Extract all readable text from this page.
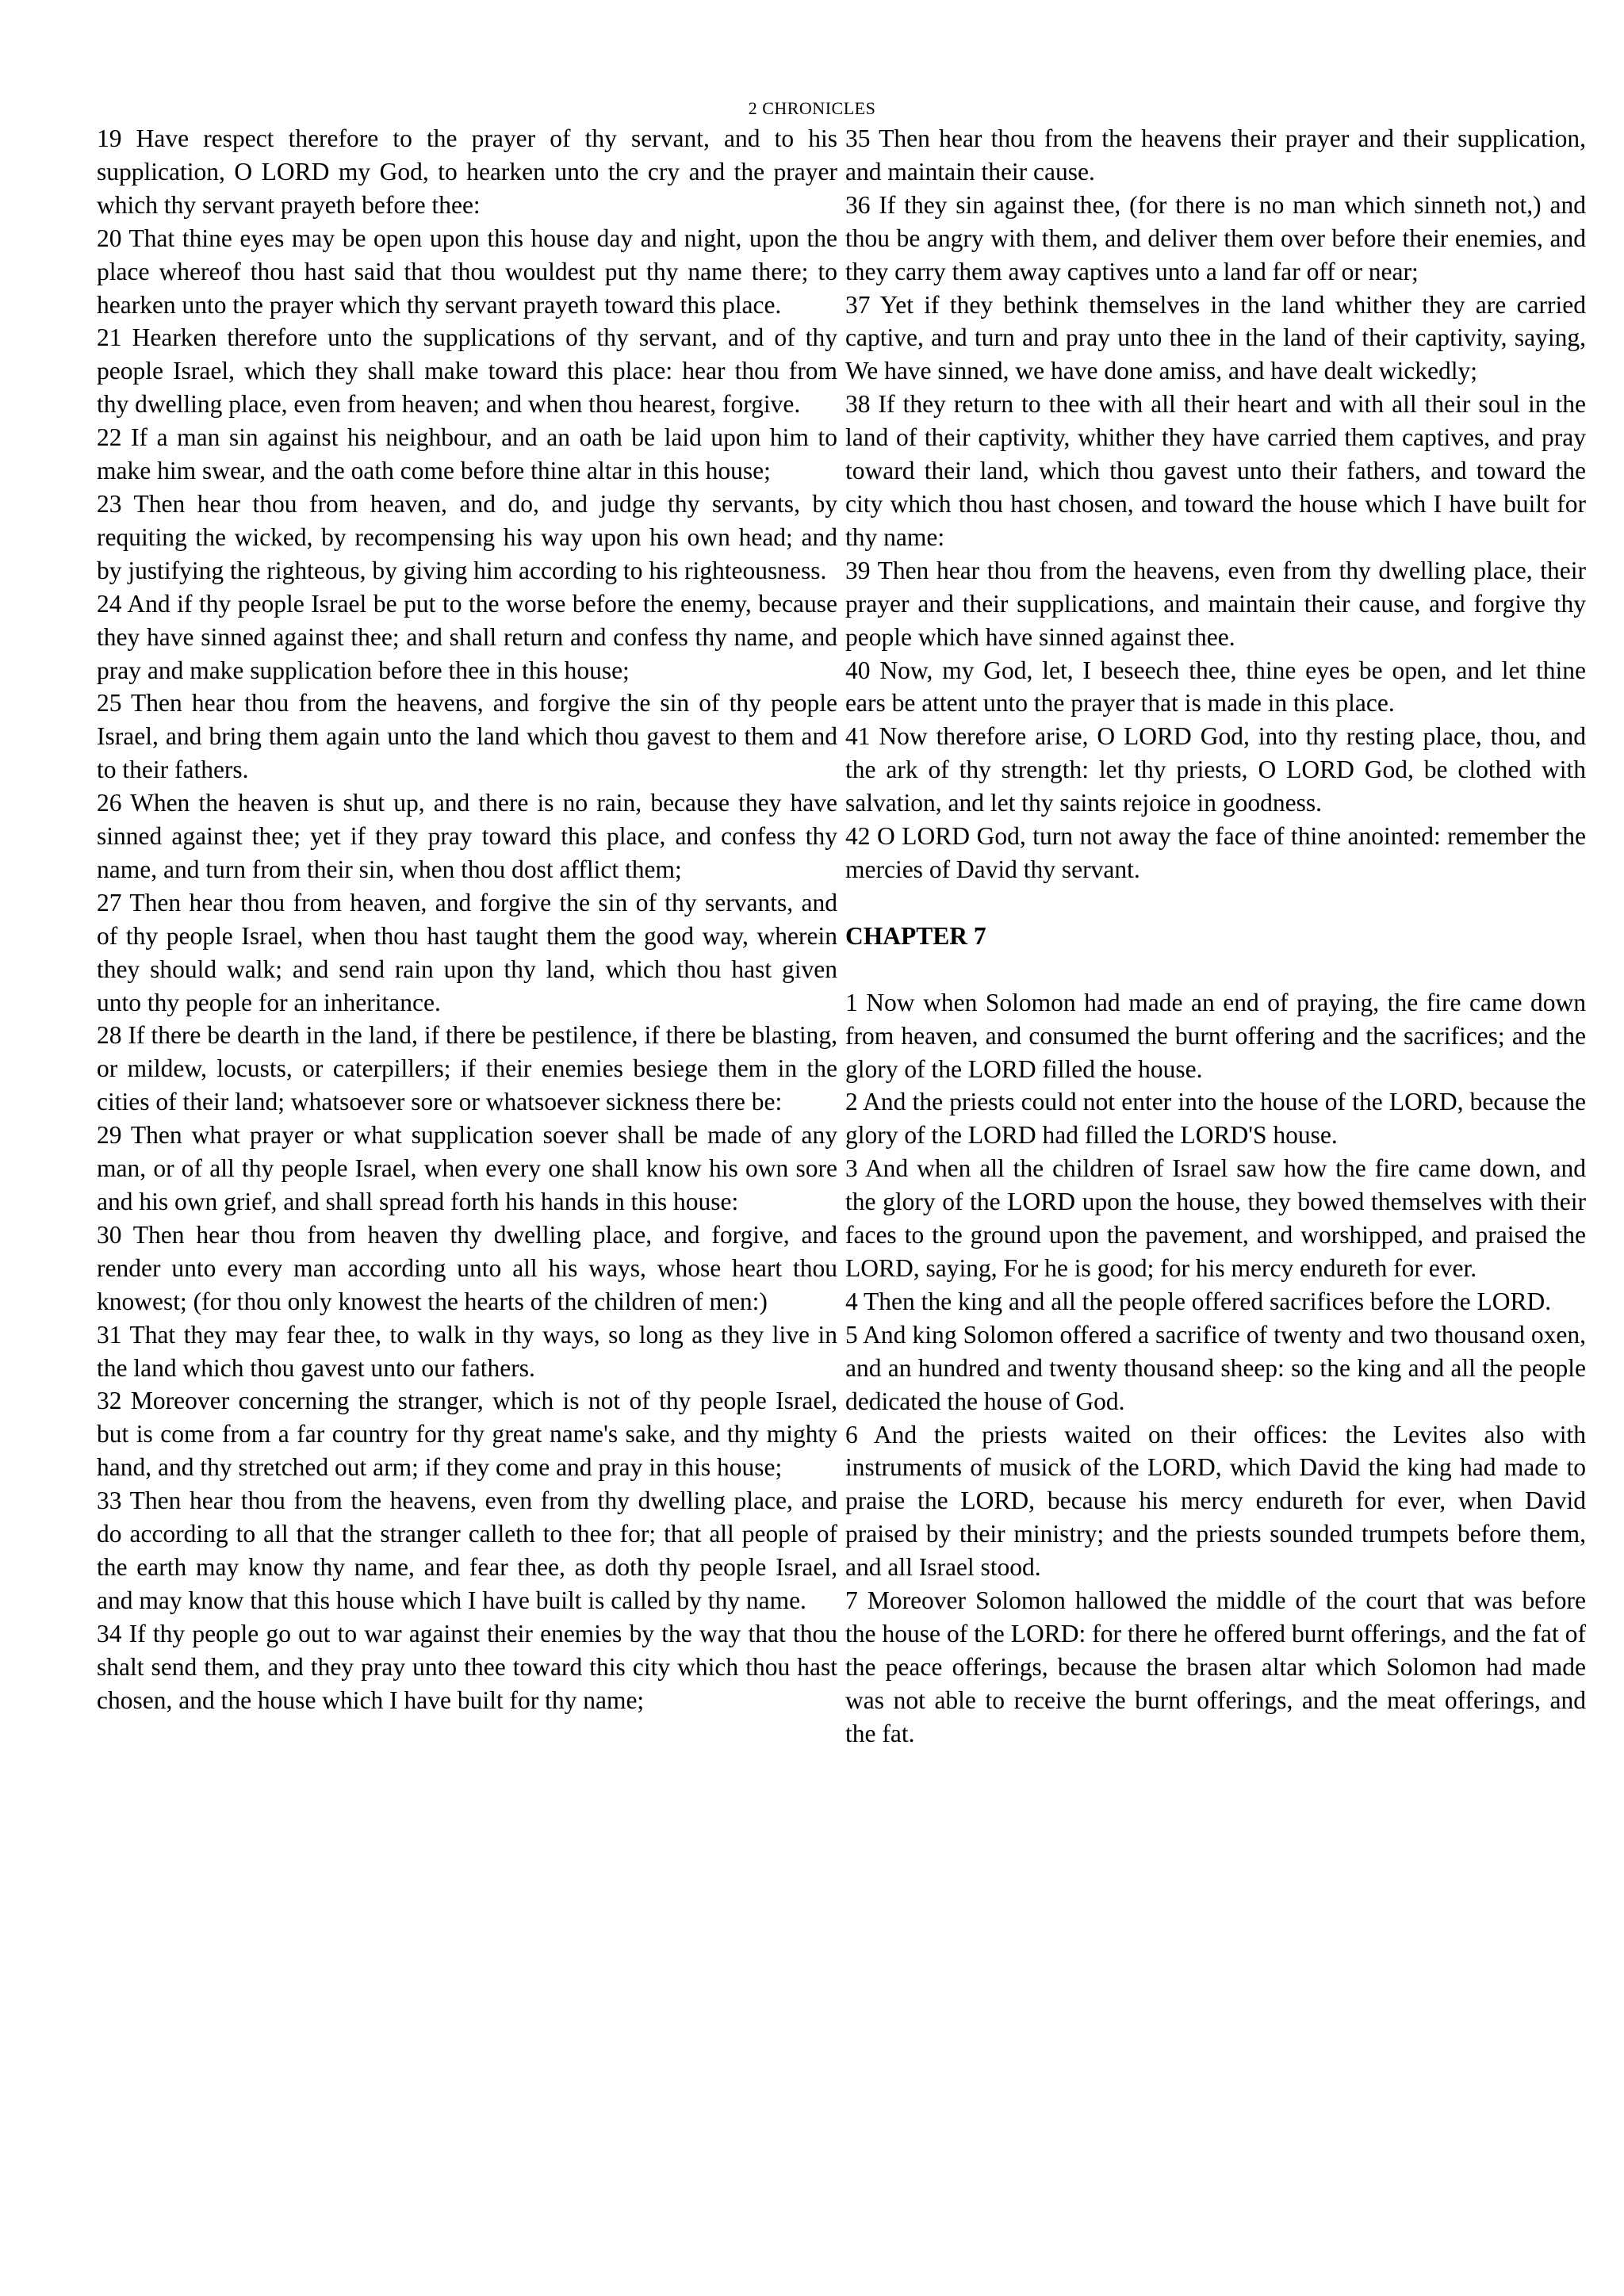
2 CHRONICLES

19 Have respect therefore to the prayer of thy servant, and to his supplication, O LORD my God, to hearken unto the cry and the prayer which thy servant prayeth before thee:

20 That thine eyes may be open upon this house day and night, upon the place whereof thou hast said that thou wouldest put thy name there; to hearken unto the prayer which thy servant prayeth toward this place.

21 Hearken therefore unto the supplications of thy servant, and of thy people Israel, which they shall make toward this place: hear thou from thy dwelling place, even from heaven; and when thou hearest, forgive.

22 If a man sin against his neighbour, and an oath be laid upon him to make him swear, and the oath come before thine altar in this house;

23 Then hear thou from heaven, and do, and judge thy servants, by requiting the wicked, by recompensing his way upon his own head; and by justifying the righteous, by giving him according to his righteousness.

24 And if thy people Israel be put to the worse before the enemy, because they have sinned against thee; and shall return and confess thy name, and pray and make supplication before thee in this house;

25 Then hear thou from the heavens, and forgive the sin of thy people Israel, and bring them again unto the land which thou gavest to them and to their fathers.

26 When the heaven is shut up, and there is no rain, because they have sinned against thee; yet if they pray toward this place, and confess thy name, and turn from their sin, when thou dost afflict them;

27 Then hear thou from heaven, and forgive the sin of thy servants, and of thy people Israel, when thou hast taught them the good way, wherein they should walk; and send rain upon thy land, which thou hast given unto thy people for an inheritance.

28 If there be dearth in the land, if there be pestilence, if there be blasting, or mildew, locusts, or caterpillers; if their enemies besiege them in the cities of their land; whatsoever sore or whatsoever sickness there be:

29 Then what prayer or what supplication soever shall be made of any man, or of all thy people Israel, when every one shall know his own sore and his own grief, and shall spread forth his hands in this house:

30 Then hear thou from heaven thy dwelling place, and forgive, and render unto every man according unto all his ways, whose heart thou knowest; (for thou only knowest the hearts of the children of men:)

31 That they may fear thee, to walk in thy ways, so long as they live in the land which thou gavest unto our fathers.

32 Moreover concerning the stranger, which is not of thy people Israel, but is come from a far country for thy great name's sake, and thy mighty hand, and thy stretched out arm; if they come and pray in this house;

33 Then hear thou from the heavens, even from thy dwelling place, and do according to all that the stranger calleth to thee for; that all people of the earth may know thy name, and fear thee, as doth thy people Israel, and may know that this house which I have built is called by thy name.

34 If thy people go out to war against their enemies by the way that thou shalt send them, and they pray unto thee toward this city which thou hast chosen, and the house which I have built for thy name;

35 Then hear thou from the heavens their prayer and their supplication, and maintain their cause.

36 If they sin against thee, (for there is no man which sinneth not,) and thou be angry with them, and deliver them over before their enemies, and they carry them away captives unto a land far off or near;

37 Yet if they bethink themselves in the land whither they are carried captive, and turn and pray unto thee in the land of their captivity, saying, We have sinned, we have done amiss, and have dealt wickedly;

38 If they return to thee with all their heart and with all their soul in the land of their captivity, whither they have carried them captives, and pray toward their land, which thou gavest unto their fathers, and toward the city which thou hast chosen, and toward the house which I have built for thy name:

39 Then hear thou from the heavens, even from thy dwelling place, their prayer and their supplications, and maintain their cause, and forgive thy people which have sinned against thee.

40 Now, my God, let, I beseech thee, thine eyes be open, and let thine ears be attent unto the prayer that is made in this place.

41 Now therefore arise, O LORD God, into thy resting place, thou, and the ark of thy strength: let thy priests, O LORD God, be clothed with salvation, and let thy saints rejoice in goodness.

42 O LORD God, turn not away the face of thine anointed: remember the mercies of David thy servant.

CHAPTER 7

1 Now when Solomon had made an end of praying, the fire came down from heaven, and consumed the burnt offering and the sacrifices; and the glory of the LORD filled the house.

2 And the priests could not enter into the house of the LORD, because the glory of the LORD had filled the LORD'S house.

3 And when all the children of Israel saw how the fire came down, and the glory of the LORD upon the house, they bowed themselves with their faces to the ground upon the pavement, and worshipped, and praised the LORD, saying, For he is good; for his mercy endureth for ever.

4 Then the king and all the people offered sacrifices before the LORD.

5 And king Solomon offered a sacrifice of twenty and two thousand oxen, and an hundred and twenty thousand sheep: so the king and all the people dedicated the house of God.

6 And the priests waited on their offices: the Levites also with instruments of musick of the LORD, which David the king had made to praise the LORD, because his mercy endureth for ever, when David praised by their ministry; and the priests sounded trumpets before them, and all Israel stood.

7 Moreover Solomon hallowed the middle of the court that was before the house of the LORD: for there he offered burnt offerings, and the fat of the peace offerings, because the brasen altar which Solomon had made was not able to receive the burnt offerings, and the meat offerings, and the fat.
